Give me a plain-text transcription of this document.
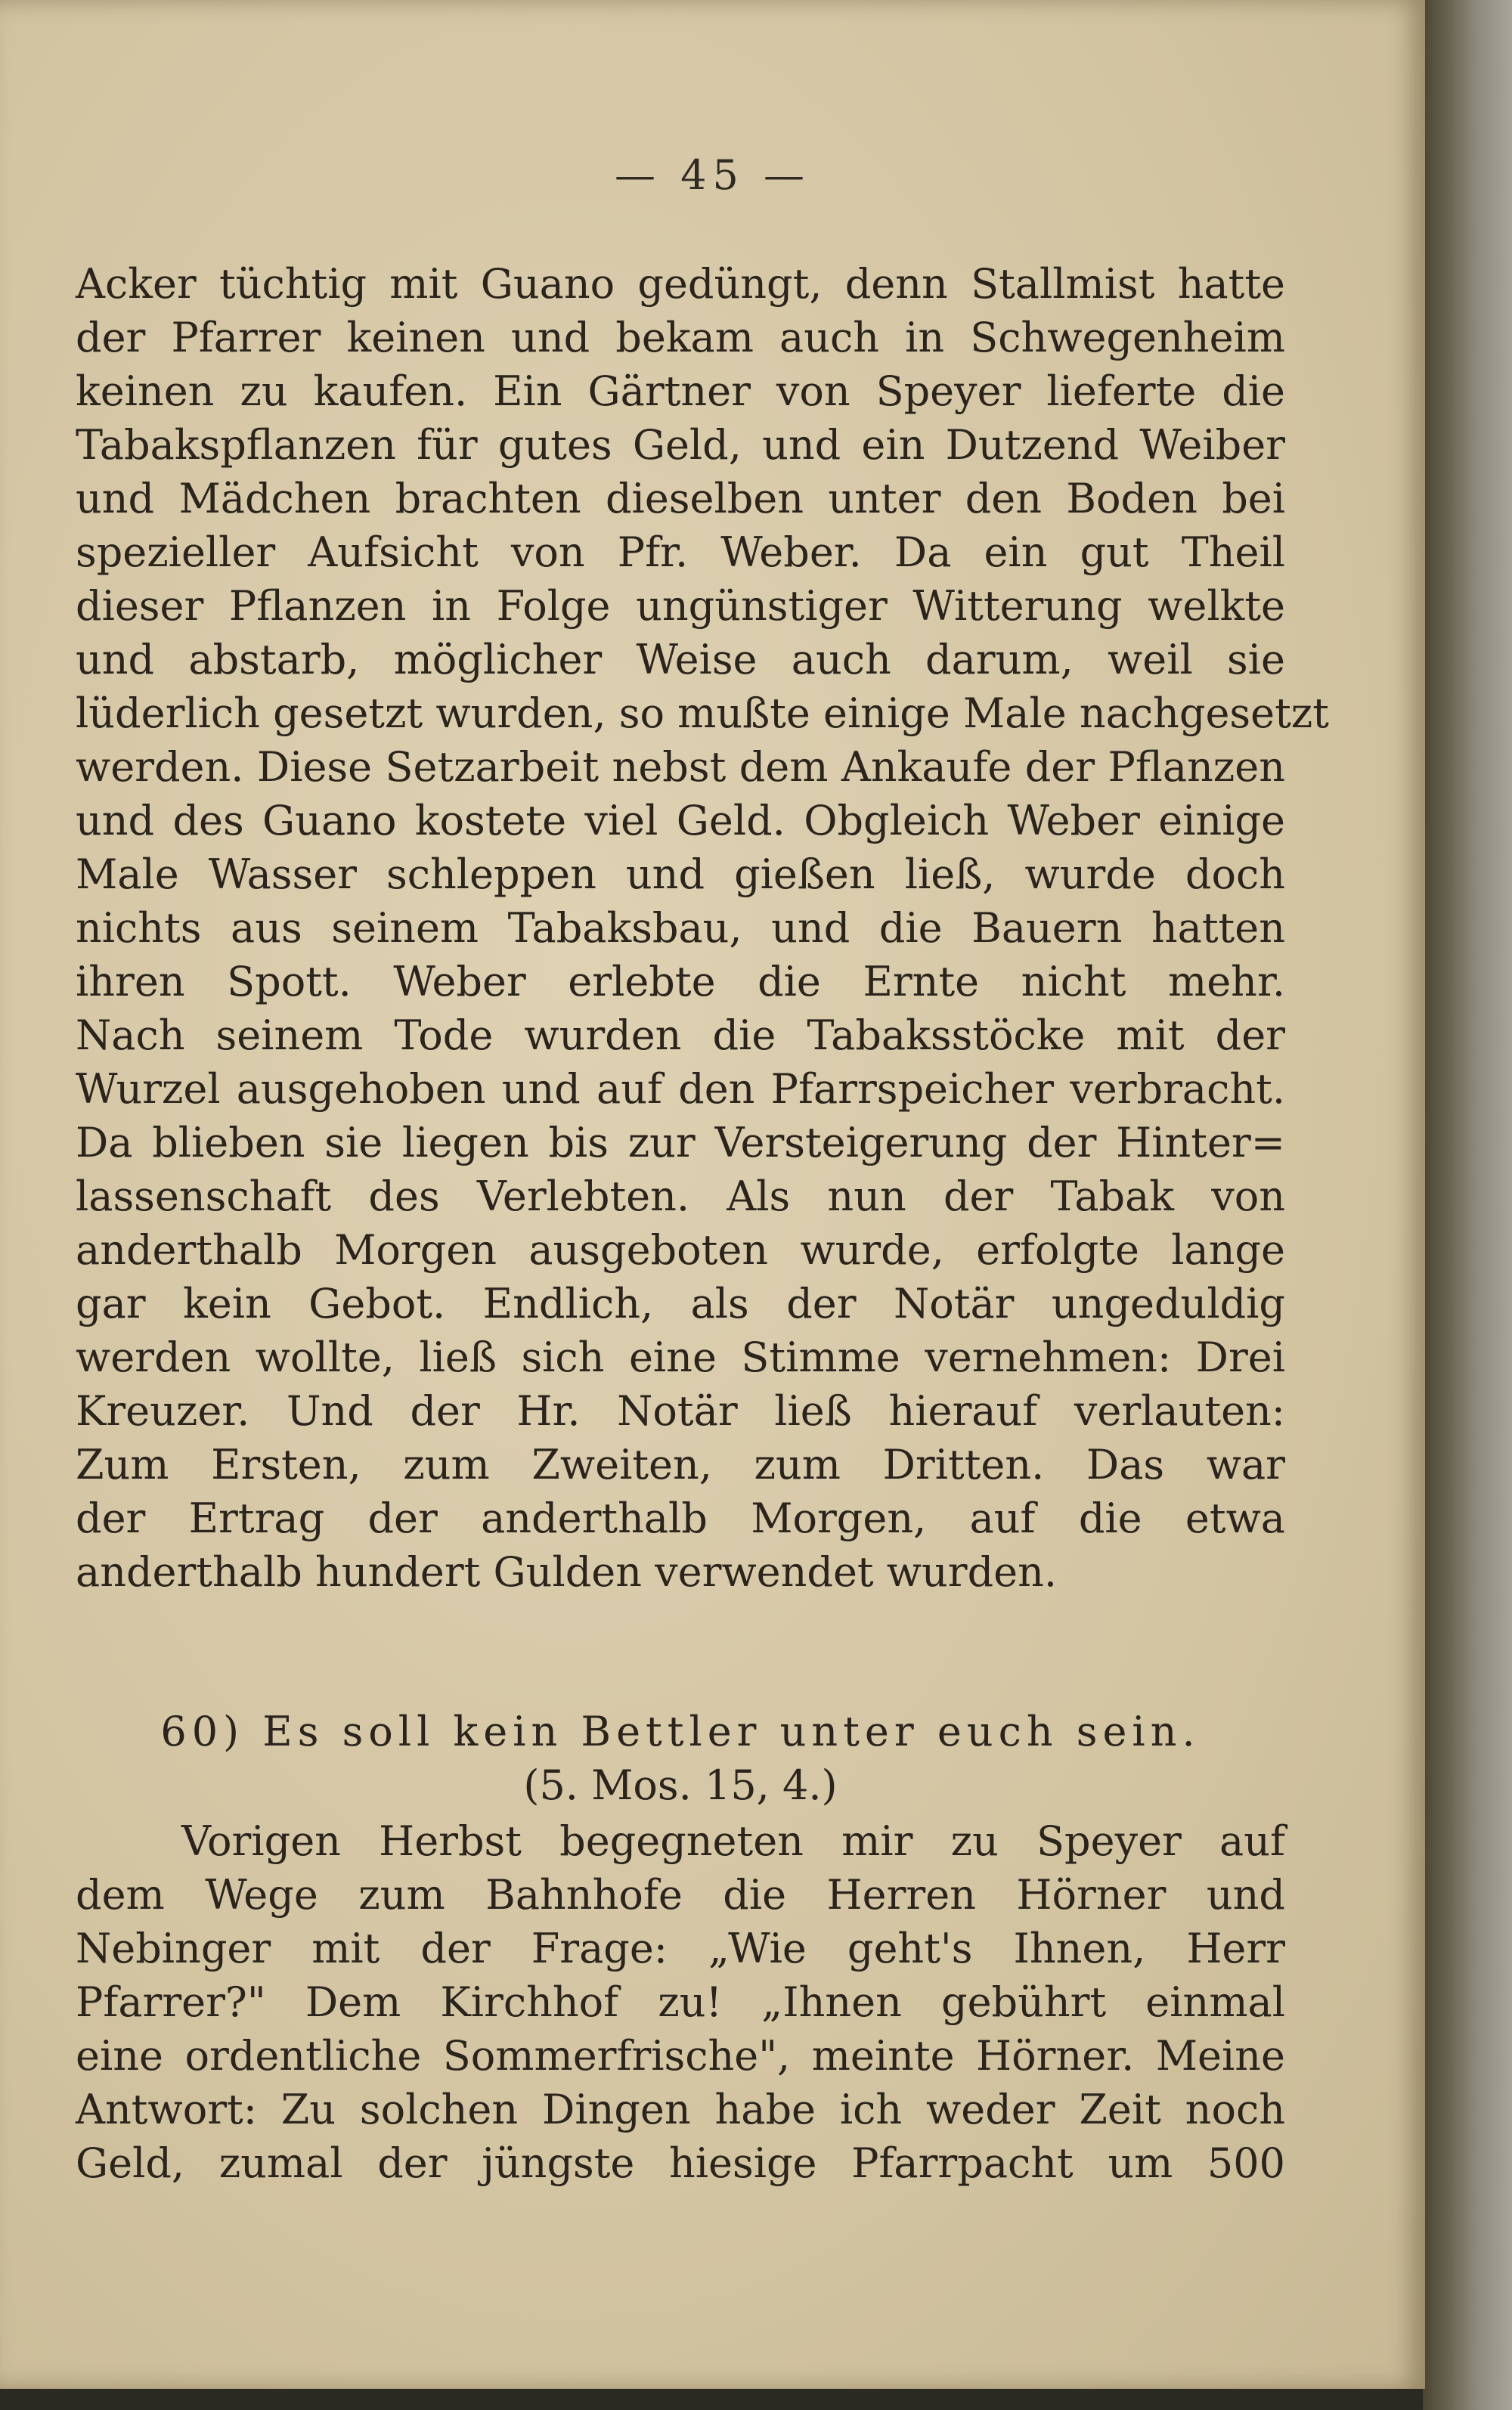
— 45 —
Acker tüchtig mit Guano gedüngt, denn Stallmist hatte
der Pfarrer keinen und bekam auch in Schwegenheim
keinen zu kaufen. Ein Gärtner von Speyer lieferte die
Tabakspflanzen für gutes Geld, und ein Dutzend Weiber
und Mädchen brachten dieselben unter den Boden bei
spezieller Aufsicht von Pfr. Weber. Da ein gut Theil
dieser Pflanzen in Folge ungünstiger Witterung welkte
und abstarb, möglicher Weise auch darum, weil sie
lüderlich gesetzt wurden, so mußte einige Male nachgesetzt
werden. Diese Setzarbeit nebst dem Ankaufe der Pflanzen
und des Guano kostete viel Geld. Obgleich Weber einige
Male Wasser schleppen und gießen ließ, wurde doch
nichts aus seinem Tabaksbau, und die Bauern hatten
ihren Spott. Weber erlebte die Ernte nicht mehr.
Nach seinem Tode wurden die Tabaksstöcke mit der
Wurzel ausgehoben und auf den Pfarrspeicher verbracht.
Da blieben sie liegen bis zur Versteigerung der Hinter=
lassenschaft des Verlebten. Als nun der Tabak von
anderthalb Morgen ausgeboten wurde, erfolgte lange
gar kein Gebot. Endlich, als der Notär ungeduldig
werden wollte, ließ sich eine Stimme vernehmen: Drei
Kreuzer. Und der Hr. Notär ließ hierauf verlauten:
Zum Ersten, zum Zweiten, zum Dritten. Das war
der Ertrag der anderthalb Morgen, auf die etwa
anderthalb hundert Gulden verwendet wurden.
60) Es soll kein Bettler unter euch sein.
(5. Mos. 15, 4.)
Vorigen Herbst begegneten mir zu Speyer auf
dem Wege zum Bahnhofe die Herren Hörner und
Nebinger mit der Frage: „Wie geht's Ihnen, Herr
Pfarrer?" Dem Kirchhof zu! „Ihnen gebührt einmal
eine ordentliche Sommerfrische", meinte Hörner. Meine
Antwort: Zu solchen Dingen habe ich weder Zeit noch
Geld, zumal der jüngste hiesige Pfarrpacht um 500
